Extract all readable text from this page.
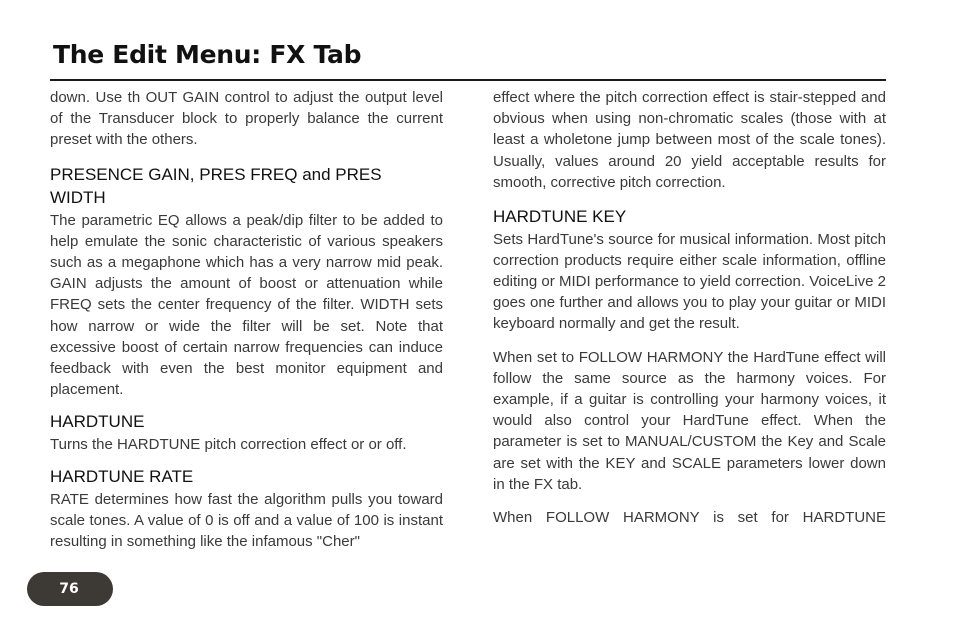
The Edit Menu: FX Tab

down. Use th OUT GAIN control to adjust the output level of the Transducer block to properly balance the current preset with the others.

PRESENCE GAIN, PRES FREQ and PRES WIDTH

The parametric EQ allows a peak/dip filter to be added to help emulate the sonic characteristic of various speakers such as a megaphone which has a very narrow mid peak. GAIN adjusts the amount of boost or attenuation while FREQ sets the center frequency of the filter. WIDTH sets how narrow or wide the filter will be set. Note that excessive boost of certain narrow frequencies can induce feedback with even the best monitor equipment and placement.

HARDTUNE

Turns the HARDTUNE pitch correction effect or or off.

HARDTUNE RATE

RATE determines how fast the algorithm pulls you toward scale tones. A value of 0 is off and a value of 100 is instant resulting in something like the infamous "Cher"

effect where the pitch correction effect is stair-stepped and obvious when using non-chromatic scales (those with at least a wholetone jump between most of the scale tones). Usually, values around 20 yield acceptable results for smooth, corrective pitch correction.

HARDTUNE KEY

Sets HardTune's source for musical information. Most pitch correction products require either scale information, offline editing or MIDI performance to yield correction. VoiceLive 2 goes one further and allows you to play your guitar or MIDI keyboard normally and get the result.

When set to FOLLOW HARMONY the HardTune effect will follow the same source as the harmony voices. For example, if a guitar is controlling your harmony voices, it would also control your HardTune effect. When the parameter is set to MANUAL/CUSTOM the Key and Scale are set with the KEY and SCALE parameters lower down in the FX tab.

When FOLLOW HARMONY is set for HARDTUNE

76
